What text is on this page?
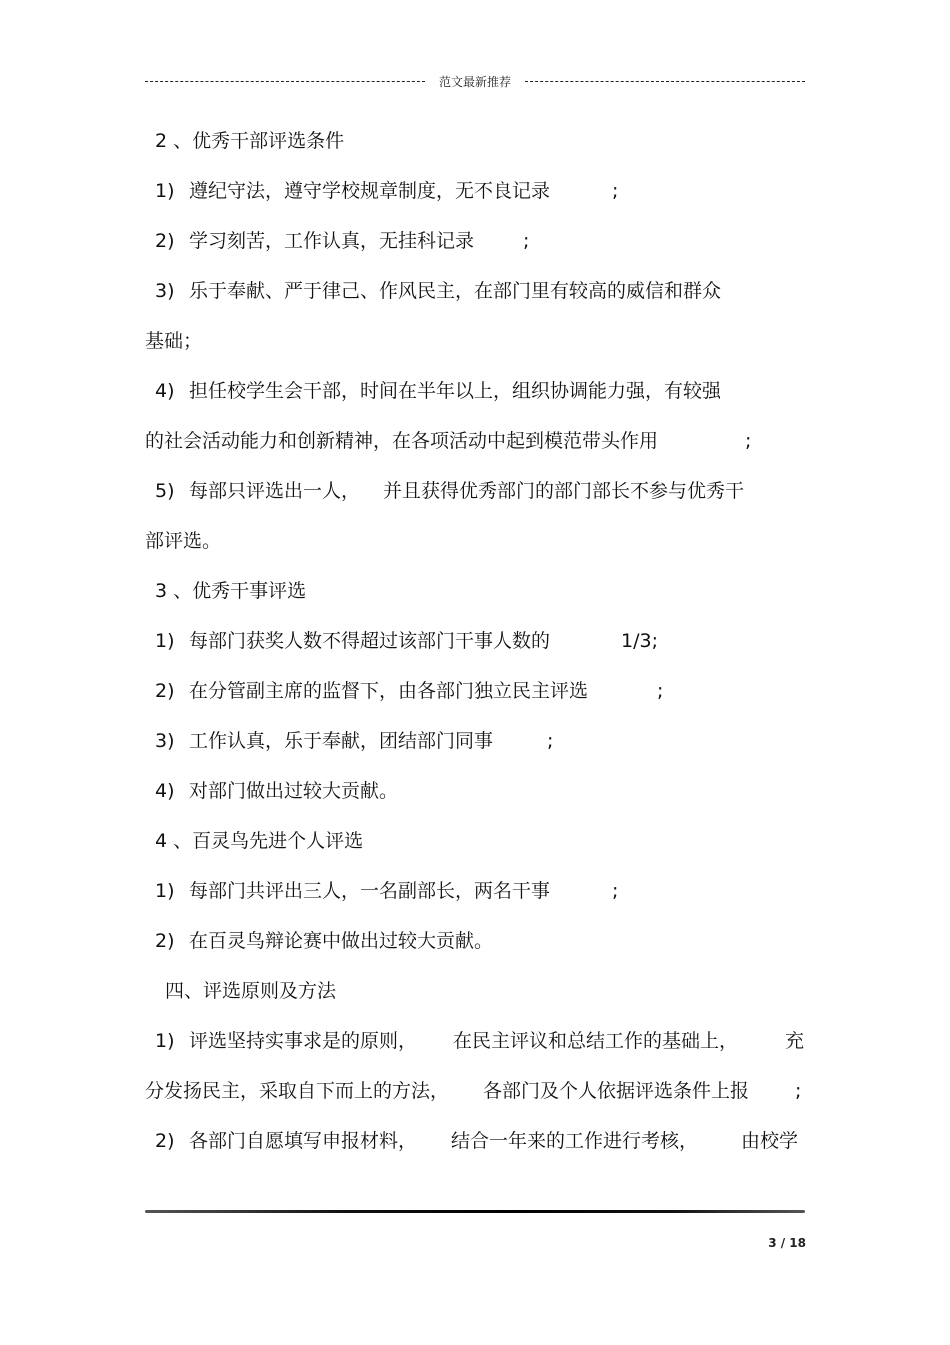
范文最新推荐
2 、优秀干部评选条件
1) 遵纪守法，遵守学校规章制度，无不良记录	;
2) 学习刻苦，工作认真，无挂科记录	;
3) 乐于奉献、严于律己、作风民主，在部门里有较高的威信和群众
基础；
4) 担任校学生会干部，时间在半年以上，组织协调能力强，有较强
的社会活动能力和创新精神，在各项活动中起到模范带头作用	;
5) 每部只评选出一人， 并且获得优秀部门的部门部长不参与优秀干
部评选。
3 、优秀干事评选
1) 每部门获奖人数不得超过该部门干事人数的	1/3;
2) 在分管副主席的监督下，由各部门独立民主评选	;
3) 工作认真，乐于奉献，团结部门同事	;
4) 对部门做出过较大贡献。
4 、百灵鸟先进个人评选
1) 每部门共评出三人，一名副部长，两名干事	;
2) 在百灵鸟辩论赛中做出过较大贡献。
四、评选原则及方法
1) 评选坚持实事求是的原则， 在民主评议和总结工作的基础上， 充
分发扬民主，采取自下而上的方法， 各部门及个人依据评选条件上报 ;
2) 各部门自愿填写申报材料， 结合一年来的工作进行考核， 由校学
3 / 18
